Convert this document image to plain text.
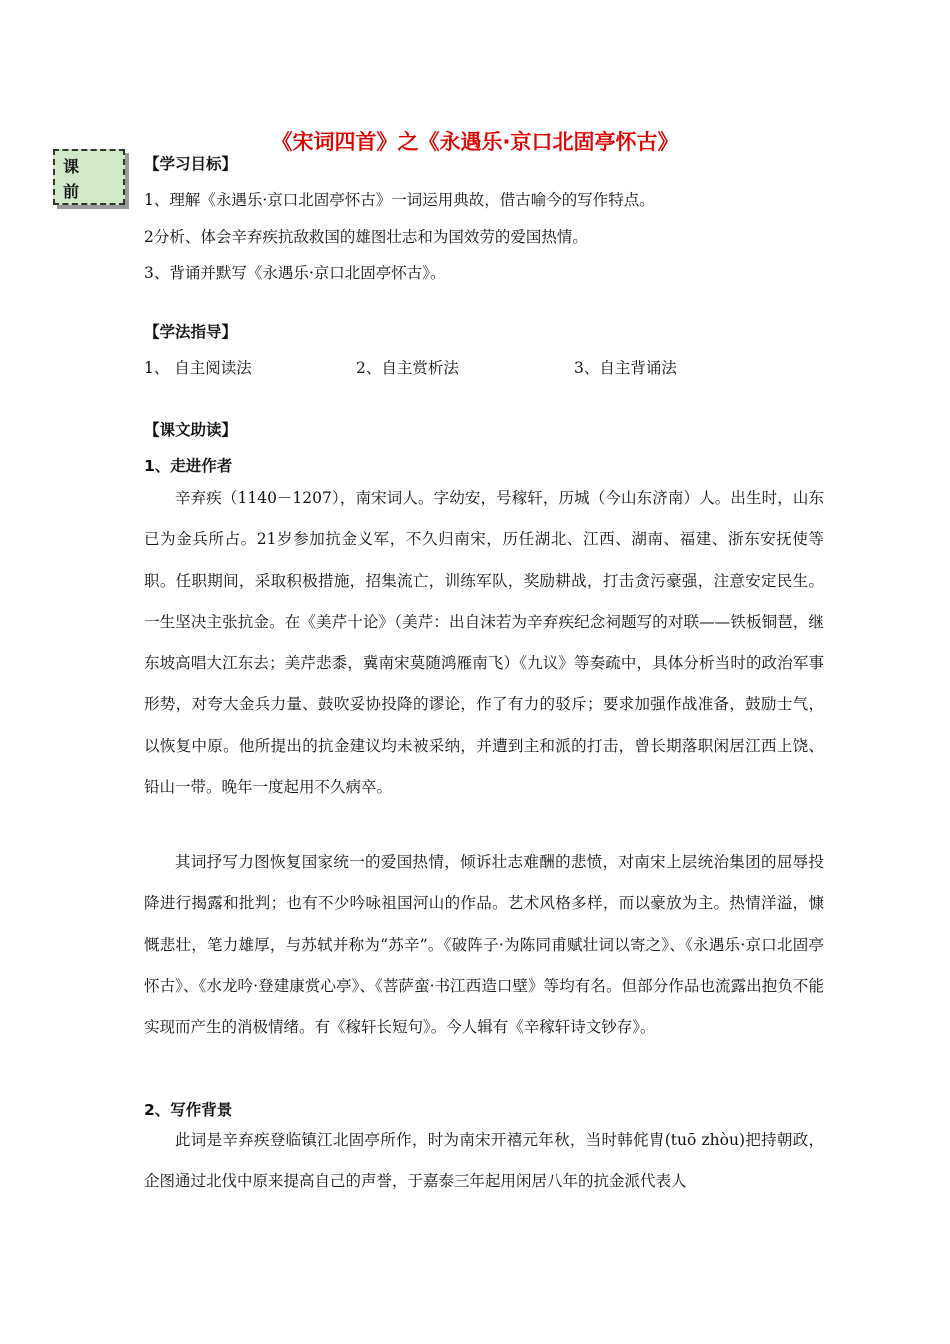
《宋词四首》之《永遇乐·京口北固亭怀古》
课
前
【学习目标】
1、理解《永遇乐·京口北固亭怀古》一词运用典故，借古喻今的写作特点。
2分析、体会辛弃疾抗敌救国的雄图壮志和为国效劳的爱国热情。
3、背诵并默写《永遇乐·京口北固亭怀古》。
【学法指导】
1、 自主阅读法	2、自主赏析法	3、自主背诵法
【课文助读】
1、走进作者

辛弃疾（1140－1207），南宋词人。字幼安，号稼轩，历城（今山东济南）人。出生时，山东已为金兵所占。21岁参加抗金义军，不久归南宋，历任湖北、江西、湖南、福建、浙东安抚使等职。任职期间，采取积极措施，招集流亡，训练军队，奖励耕战，打击贪污豪强，注意安定民生。一生坚决主张抗金。在《美芹十论》（美芹：出自沫若为辛弃疾纪念祠题写的对联——铁板铜琶，继东坡高唱大江东去；美芹悲黍，冀南宋莫随鸿雁南飞）《九议》等奏疏中，具体分析当时的政治军事形势，对夸大金兵力量、鼓吹妥协投降的谬论，作了有力的驳斥；要求加强作战准备，鼓励士气，以恢复中原。他所提出的抗金建议均未被采纳，并遭到主和派的打击，曾长期落职闲居江西上饶、铅山一带。晚年一度起用不久病卒。

其词抒写力图恢复国家统一的爱国热情，倾诉壮志难酬的悲愤，对南宋上层统治集团的屈辱投降进行揭露和批判；也有不少吟咏祖国河山的作品。艺术风格多样，而以豪放为主。热情洋溢，慷慨悲壮，笔力雄厚，与苏轼并称为“苏辛”。《破阵子·为陈同甫赋壮词以寄之》、《永遇乐·京口北固亭怀古》、《水龙吟·登建康赏心亭》、《菩萨蛮·书江西造口壁》等均有名。但部分作品也流露出抱负不能实现而产生的消极情绪。有《稼轩长短句》。今人辑有《辛稼轩诗文钞存》。

2、写作背景

此词是辛弃疾登临镇江北固亭所作，时为南宋开禧元年秋，当时韩侂胄(tuō zhòu)把持朝政，企图通过北伐中原来提高自己的声誉，于嘉泰三年起用闲居八年的抗金派代表人
